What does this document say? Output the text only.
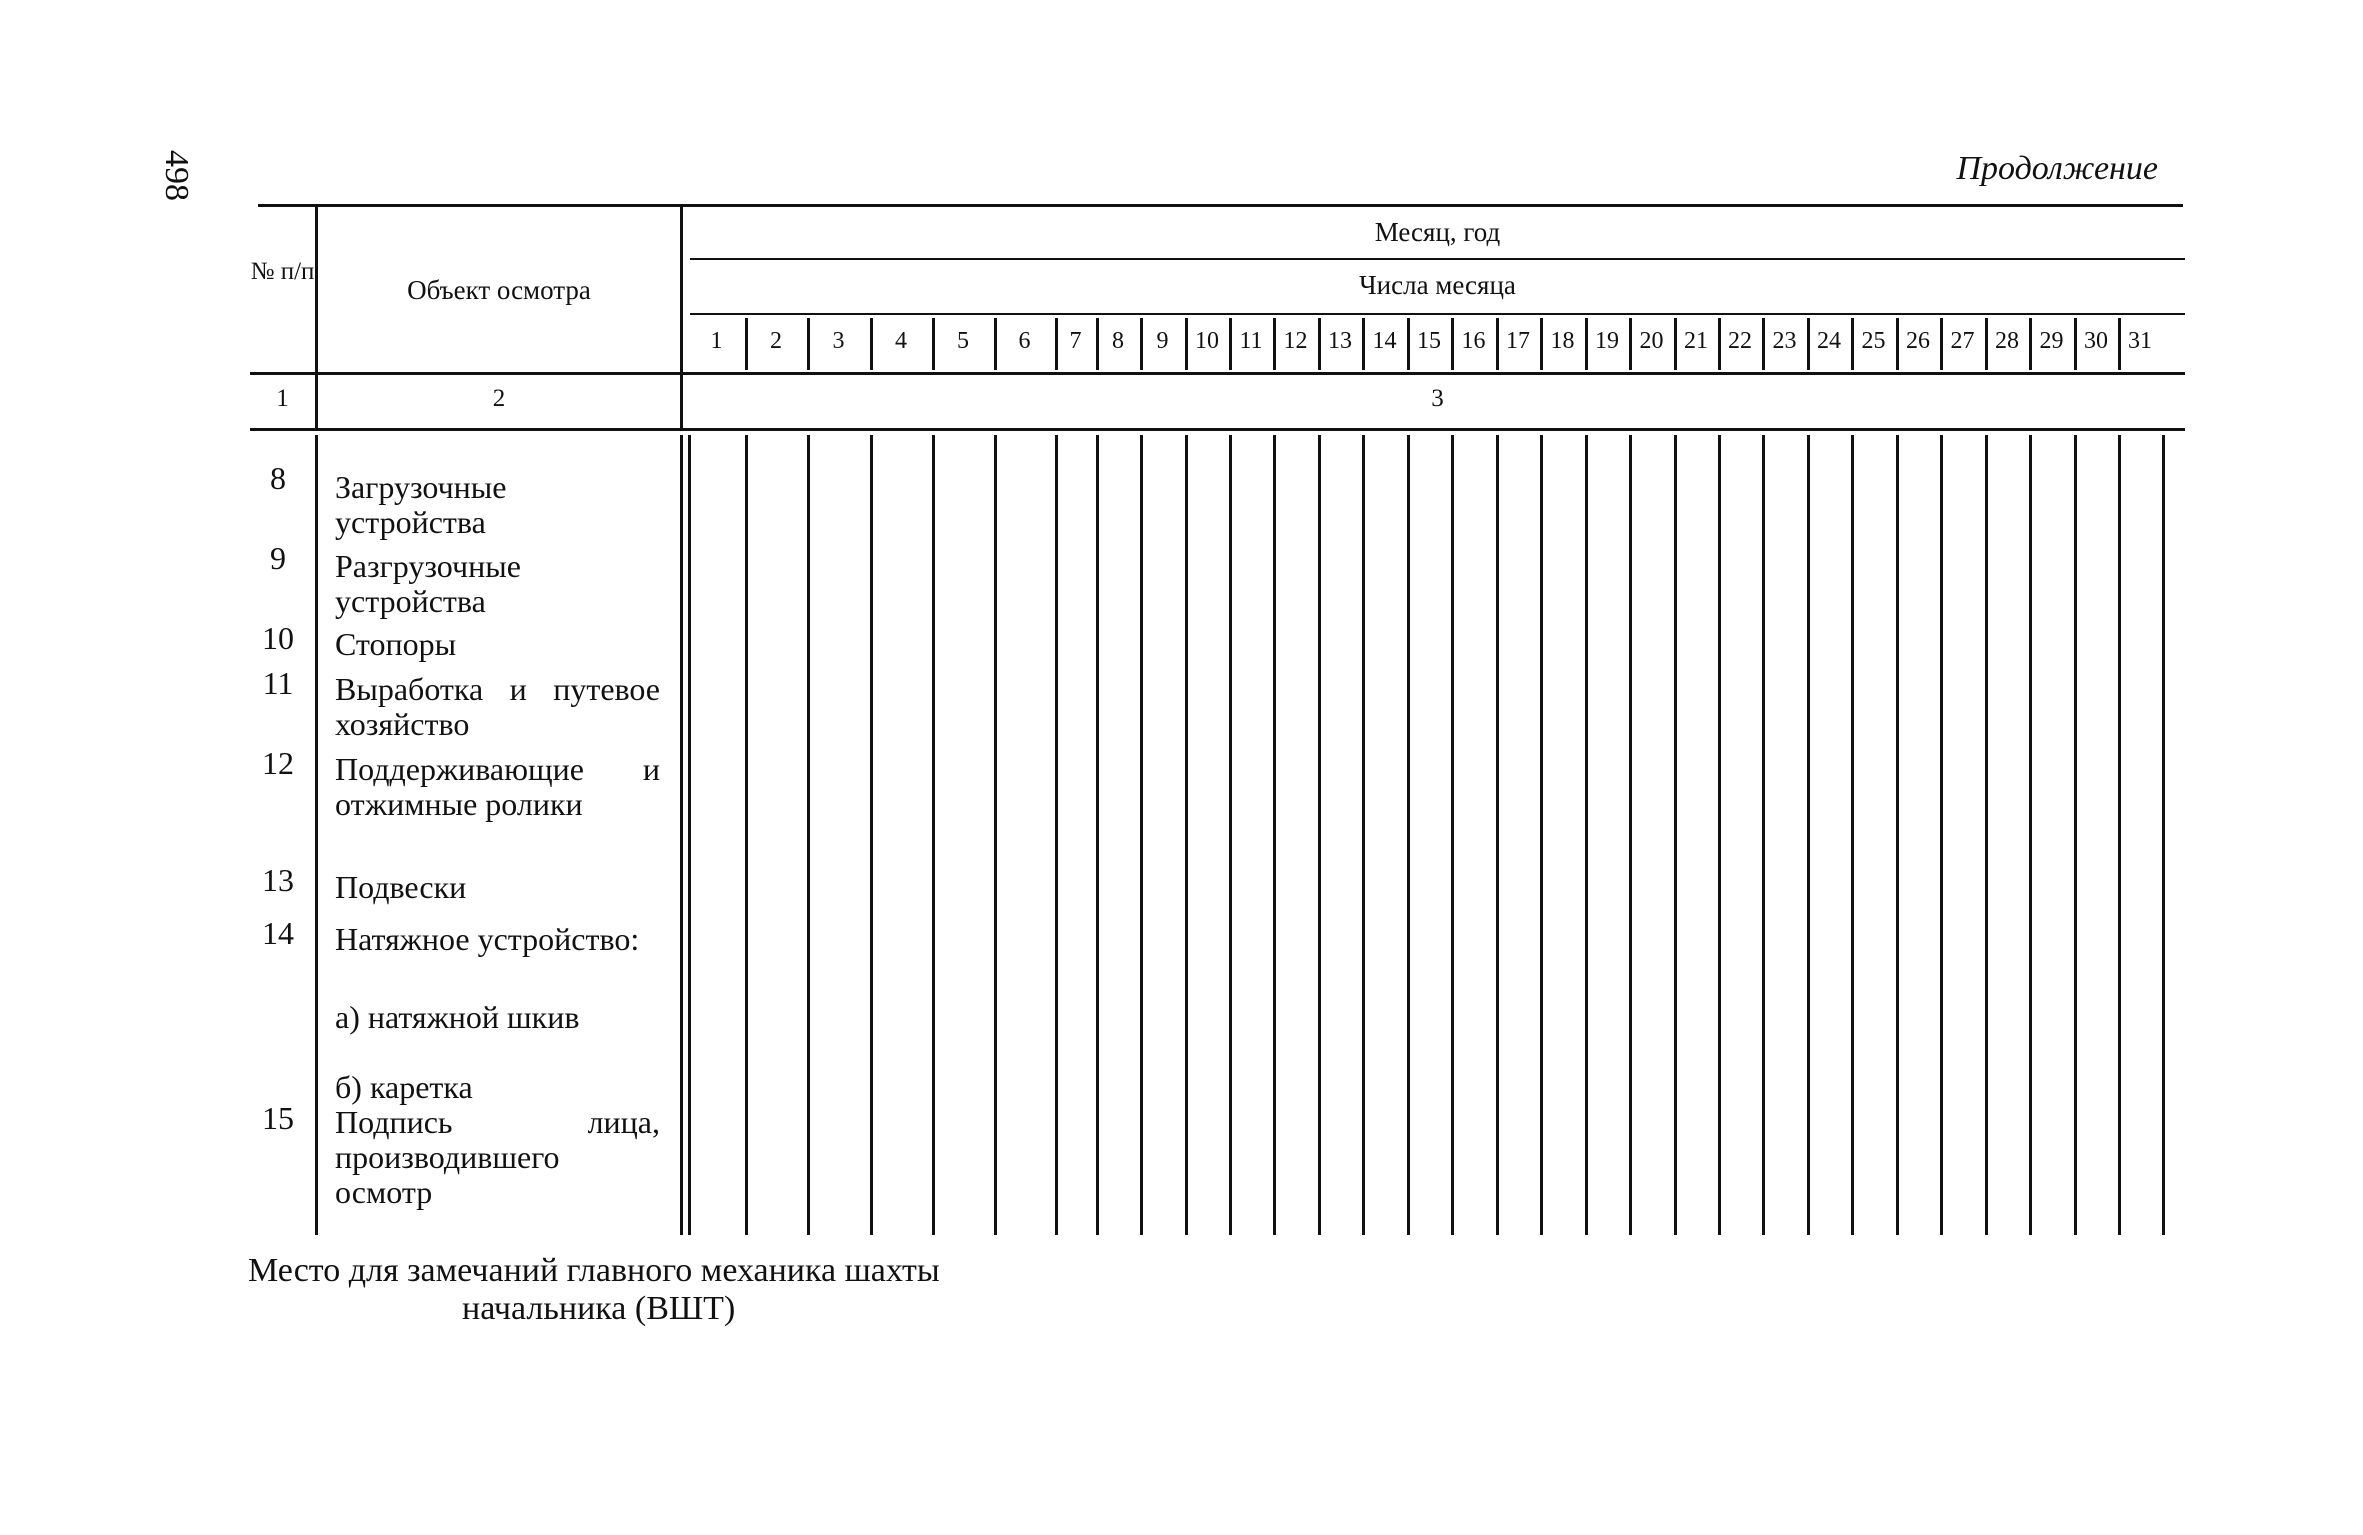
498	Продолжение
№ п/п
Объект осмотра
Месяц, год
Числа месяца
1	2	3
1	2	3	4	5	6	7	8	9	10 11 12 13 14 15 16 17 18 19 20 21 22 23 24 25 26 27 28 29 30 31
8	Загрузочные устройства
9	Разгрузочные устройства
10	Стопоры
11	Выработка и путевое хозяйство
12	Поддерживающие и отжимные ролики
13	Подвески
14	Натяжное устройство:
а) натяжной шкив
б) каретка
15	Подпись лица, производившего осмотр
Место для замечаний главного механика шахты
начальника (ВШТ)
